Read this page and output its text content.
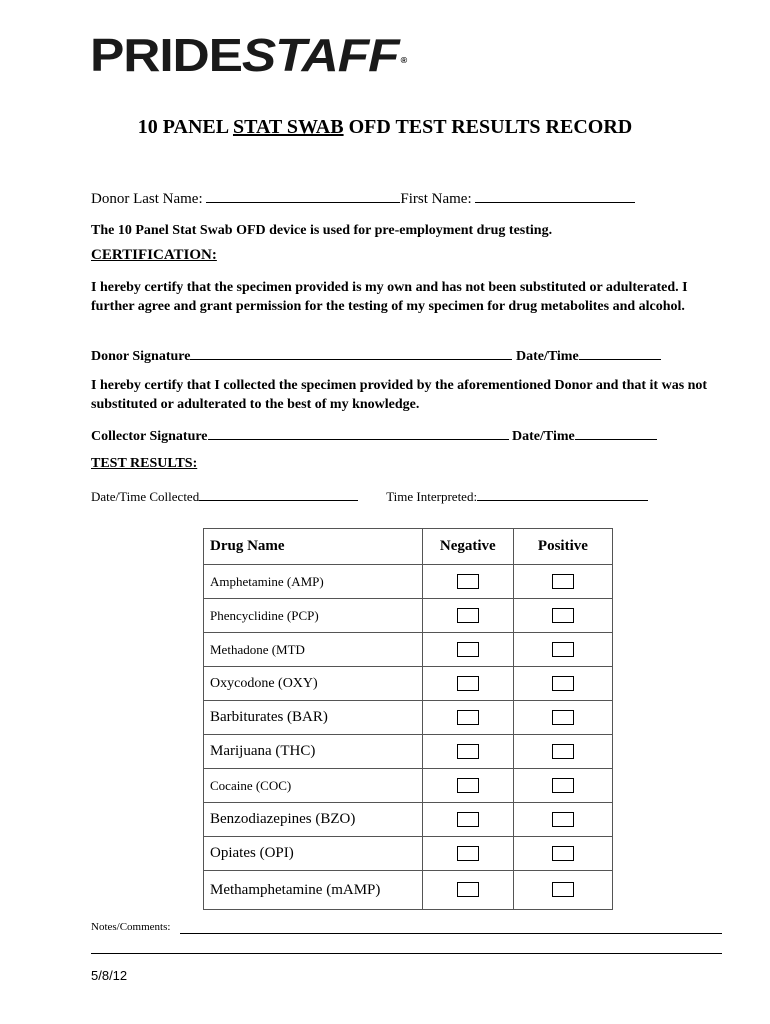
PRIDESTAFF ®
10 PANEL STAT SWAB OFD TEST RESULTS RECORD
Donor Last Name:	First Name:
The 10 Panel Stat Swab OFD device is used for pre-employment drug testing.
CERTIFICATION:
I hereby certify that the specimen provided is my own and has not been substituted or adulterated. I further agree and grant permission for the testing of my specimen for drug metabolites and alcohol.
Donor Signature	Date/Time
I hereby certify that I collected the specimen provided by the aforementioned Donor and that it was not substituted or adulterated to the best of my knowledge.
Collector Signature	Date/Time
TEST RESULTS:
Date/Time Collected	Time Interpreted:
Drug Name	Negative	Positive
Amphetamine (AMP)		
Phencyclidine (PCP)		
Methadone (MTD		
Oxycodone (OXY)		
Barbiturates (BAR)		
Marijuana (THC)		
Cocaine (COC)		
Benzodiazepines (BZO)		
Opiates (OPI)		
Methamphetamine (mAMP)		
Notes/Comments:
5/8/12
